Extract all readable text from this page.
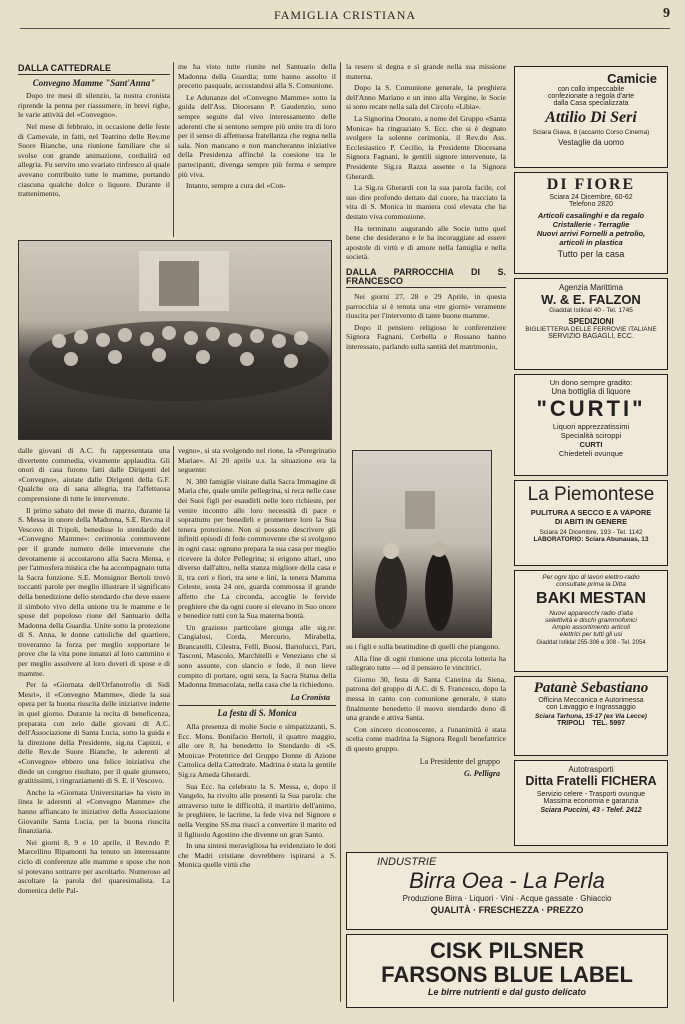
FAMIGLIA CRISTIANA	9
DALLA CATTEDRALE
Convegno Mamme "Sant'Anna"

Dopo tre mesi di silenzio, la nostra cronista riprende la penna per riassumere, in brevi righe, le varie attività del «Convegno».

Nel mese di febbraio, in occasione delle feste di Carnevale, in fatti, nel Teatrino delle Rev.me Suore Bianche, una riunione familiare che si svolse con grande animazione, cordialità ed allegria. Fu servito uno svariato rinfresco al quale avevano contribuito tutte le mamme, portando ciascuna qualche dolce o liquore. Durante il trattenimento,

me ha visto tutte riunite nel Santuario della Madonna della Guardia; tutte hanno assolto il precetto pasquale, accostandosi alla S. Comunione.

Le Adunanze del «Convegno Mamme» sotto la guida dell'Ass. Diocesano P. Gaudenzio, sono sempre seguite dal vivo interessamento delle aderenti che si sentono sempre più unite tra di loro per il senso di affettuosa fratellanza che regna nella sala. Non mancano e non mancheranno iniziative della Presidenza affinché la coesione tra le partecipanti, divenga sempre più ferma e sempre più viva.

Intanto, sempre a cura del «Con-

dalle giovani di A.C. fu rappresentata una divertente commedia, vivamente applaudita. Gli onori di casa furono fatti dalle Dirigenti del «Convegno», aiutate dalle Dirigenti della G.F. Qualche ora di sana allegria, tra l'affettuosa comprensione di tutte le intervenute.

Il primo sabato del mese di marzo, durante la S. Messa in onore della Madonna, S.E. Rev.ma il Vescovo di Tripoli, benedisse lo stendardo del «Convegno Mamme»: cerimonia commovente per il grande numero delle intervenute che devotamente si accostarono alla Sacra Mensa, e per l'atmosfera mistica che ha accompagnato tutta la Sacra funzione. S.E. Monsignor Bertoli trovò toccanti parole per meglio illustrare il significato della benedizione dello stendardo che deve essere il simbolo vivo della unione tra le mamme e le spose del popoloso rione del Santuario della Madonna della Guardia. Unite sotto la protezione di S. Anna, le donne cattoliche del quartiere, troveranno la forza per meglio sopportare le prove che la vita pone innanzi al loro cammino e per meglio assolvere al loro doveri di spose e di mamme.

Per la «Giornata dell'Orfanotrofio di Sidi Mesri», il «Convegno Mamme», diede la sua opera per la buona riuscita delle iniziative indette in quel giorno. Durante la recita di beneficenza, preparata con zelo dalle giovani di A.C. dell'Associazione di Santa Lucia, sotto la guida e la direzione della Presidente, sig.na Capizzi, e delle Rev.de Suore Bianche, le aderenti al «Convegno» ebbero una felice iniziativa che diede un congruo risultato, per il quale giunsero, gratitissimi, i ringraziamenti di S. E. il Vescovo.

Anche la «Giornata Universitaria» ha visto in linea le aderenti al «Convegno Mamme» che hanno affiancato le iniziative della Associazione Giovanile Santa Lucia, per la buona riuscita finanziaria.

Nei giorni 8, 9 e 10 aprile, il Rev.ndo P. Marcellino Ripamonti ha tenuto un interessante ciclo di conferenze alle mamme e spose che non si potevano sottrarre per ascoltarlo. Numeroso ad ascoltare la parola del quaresimalista. La domenica delle Pal-

vegno», si sta svolgendo nel rione, la «Peregrinatio Mariae». Al 20 aprile u.s. la situazione era la seguente:

N. 380 famiglie visitate dalla Sacra Immagine di Maria che, quale umile pellegrina, si reca nelle case dei Suoi figli per esaudirli nelle loro richieste, per venire incontro alle loro necessità di pace e soprattutto per benedirli e promettere loro la Sua tenera protezione. Non si possono descrivere gli infiniti episodi di fede commovente che si svolgono in ogni casa: ognuno prepara la sua casa per meglio ricevere la dolce Pellegrina; si erigono altari, uno diverso dall'altro, nella stanza migliore della casa e lì, tra ceri e fiori, tra sete e lini, la tenera Mamma Celeste, sosta 24 ore, guarda commossa il grande affetto che La circonda, accoglie le fervide preghiere che da ogni cuore si elevano in Suo onore e benedice tutti con la Sua materna bontà.

Un grazioso particolare giunga alle sig.re: Cangialosi, Corda, Mercurio, Mirabella, Brancatelli, Cilestra, Felli, Buosi, Bartolucci, Pari, Tasconi, Mascolo, Marchitelli e Veneziano che si sono assunte, con slancio e fede, il non lieve compito di portare, ogni sera, la Sacra Statua della Madonna Immacolata, nella casa che la richiedono.

La Cronista
La festa di S. Monica

Alla presenza di molte Socie e simpatizzanti, S. Ecc. Mons. Bonifacio Bertoli, il quattro maggio, alle ore 8, ha benedetto lo Stendardo di «S. Monica» Protettrice del Gruppo Donne di Azione Cattolica della Cattedrale. Madrina è stata la gentile Sig.ra Ameda Gherardi.

Sua Ecc. ha celebrato la S. Messa, e, dopo il Vangelo, ha rivolto alle presenti la Sua parola: che attraverso tutte le difficoltà, il martirio dell'animo, le preghiere, le lacrime, la fede viva nel Signore e nella Vergine SS.ma riuscì a convertire il marito ed il figliuolo Agostino che divenne un gran Santo.

In una sintesi meravigliosa ha evidenziato le doti che Madri cristiane dovrebbero ispirarsi a S. Monica quelle virtù che

la resero sì degna e sì grande nella sua missione materna.

Dopo la S. Comunione generale, la preghiera dell'Anno Mariano e un inno alla Vergine, le Socie si sono recate nella sala del Circolo «Libia».

La Signorina Onorato, a nome del Gruppo «Santa Monica» ha ringraziato S. Ecc. che si è degnato svolgere la solenne cerimonia, il Rev.do Ass. Ecclesiastico P. Cecilio, la Presidente Diocesana Signora Fagnani, le gentili signore intervenute, la Presidente Sig.ra Razza assente e la Signora Gherardi.

La Sig.ra Gherardi con la sua parola facile, col suo dire profondo dettato dal cuore, ha tracciato la vita di S. Monica in maniera così elevata che ha destato viva commozione.

Ha terminato augurando alle Socie tutto quel bene che desiderano e le ha incoraggiate ad essere apostole di virtù e di amore nella famiglia e nella società.

DALLA PARROCCHIA DI S. FRANCESCO

Nei giorni 27, 28 e 29 Aprile, in questa parrocchia si è tenuta una «tre giorni» veramente riuscita per l'intervento di tante buone mamme.

Dopo il pensiero religioso le conferenziere Signora Fagnani, Cerbella e Rossano hanno interessato, parlando sulla santità del matrimonio,

su i figli e sulla beatitudine di quelli che piangono.

Alla fine di ogni riunione una piccola lotteria ha rallegrato tutte — ed il pensiero le vincitrici.

Giorno 30, festa di Santa Caterina da Siena, patrona del gruppo di A.C. di S. Francesco, dopo la messa in canto con comunione generale, è stato finalmente benedetto il nuovo stendardo dono di una grande e attiva Santa.

Con sincero riconoscente, a l'unanimità è stata scelta come madrina la Signora Regoli benefattrice di questo gruppo.

La Presidente del gruppo
G. Pelligra
Camicie
con collo impeccabile
confezionate a regola d'arte
dalla Casa specializzata
Attilio Di Seri
Sciara Giava, 8 (accanto Corso Cinema)
Vestaglie da uomo
DI FIORE
Sciara 24 Dicembre, 60-62
Telefono 2820
Articoli casalinghi e da regalo
Cristallerie - Terraglie
Nuovi arrivi Fornelli a petrolio,
articoli in plastica
Tutto per la casa
Agenzia Marittima
W. & E. FALZON
Giaddat Istiklal 40 - Tel. 1745
SPEDIZIONI
BIGLIETTERIA DELLE FERROVIE ITALIANE
SERVIZIO BAGAGLI, ECC.
Un dono sempre gradito:
Una bottiglia di liquore
"CURTI"
Liquori apprezzatissimi
Specialità sciroppi
CURTI
Chiedeteli ovunque
La Piemontese
PULITURA A SECCO E A VAPORE
DI ABITI IN GENERE
Sciara 24 Dicembre, 193 - Tel. 1142
LABORATORIO: Sciara Abunauas, 13
Per ogni tipo di lavori elettro-radio
consultate prima la Ditta
BAKI MESTAN
Nuovi apparecchi radio d'alta
selettività e dischi grammofonici
Ampio assortimento articoli
elettrici per tutti gli usi
Giaddat Istiklal 255-306 e 308 - Tel. 2054
Patanè Sebastiano
Officina Meccanica e Autorimessa
con Lavaggio e Ingrassaggio
Sciara Tarhuna, 15-17 (ex Via Lecce)
TRIPOLI TEL. 5997
Autotrasporti
Ditta Fratelli FICHERA
Servizio celere - Trasporti ovunque
Massima economia e garanzia
Sciara Puccini, 43 - Telef. 2412
INDUSTRIE
Birra Oea - La Perla
Produzione Birra · Liquori · Vini · Acque gassate · Ghiaccio
QUALITÀ · FRESCHEZZA · PREZZO
CISK PILSNER
FARSONS BLUE LABEL
Le birre nutrienti e dal gusto delicato
